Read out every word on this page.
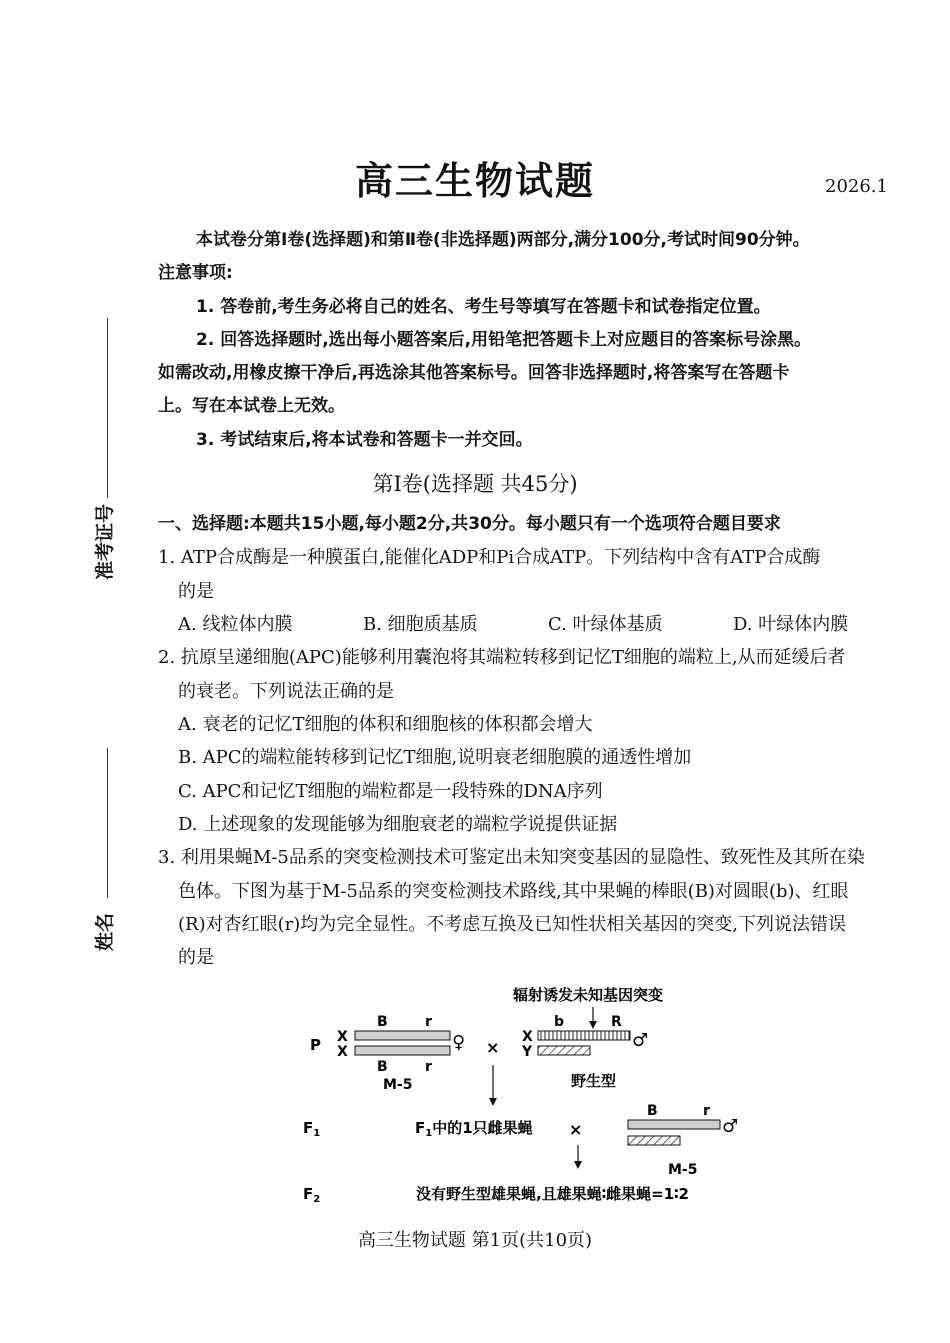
高三生物试题	2026.1
本试卷分第Ⅰ卷(选择题)和第Ⅱ卷(非选择题)两部分,满分100分,考试时间90分钟。
注意事项:
1. 答卷前,考生务必将自己的姓名、考生号等填写在答题卡和试卷指定位置。
2. 回答选择题时,选出每小题答案后,用铅笔把答题卡上对应题目的答案标号涂黑。
如需改动,用橡皮擦干净后,再选涂其他答案标号。回答非选择题时,将答案写在答题卡
上。写在本试卷上无效。
3. 考试结束后,将本试卷和答题卡一并交回。
准考证号
姓名
第Ⅰ卷(选择题 共45分)
一、选择题:本题共15小题,每小题2分,共30分。每小题只有一个选项符合题目要求
1. ATP合成酶是一种膜蛋白,能催化ADP和Pi合成ATP。下列结构中含有ATP合成酶
的是
A. 线粒体内膜	B. 细胞质基质	C. 叶绿体基质	D. 叶绿体内膜
2. 抗原呈递细胞(APC)能够利用囊泡将其端粒转移到记忆T细胞的端粒上,从而延缓后者
的衰老。下列说法正确的是
A. 衰老的记忆T细胞的体积和细胞核的体积都会增大
B. APC的端粒能转移到记忆T细胞,说明衰老细胞膜的通透性增加
C. APC和记忆T细胞的端粒都是一段特殊的DNA序列
D. 上述现象的发现能够为细胞衰老的端粒学说提供证据
3. 利用果蝇M-5品系的突变检测技术可鉴定出未知突变基因的显隐性、致死性及其所在染
色体。下图为基于M-5品系的突变检测技术路线,其中果蝇的棒眼(B)对圆眼(b)、红眼
(R)对杏红眼(r)均为完全显性。不考虑互换及已知性状相关基因的突变,下列说法错误
的是
辐射诱发未知基因突变
P X
X
B	r
B	r
♀
M-5
×
X
Y
b	R
♂
野生型
$F_1$	$F_1$中的1只雌果蝇 ×
B	r
♂
M-5
$F_2$	没有野生型雄果蝇,且雄果蝇∶雌果蝇=1∶2
高三生物试题 第1页(共10页)
